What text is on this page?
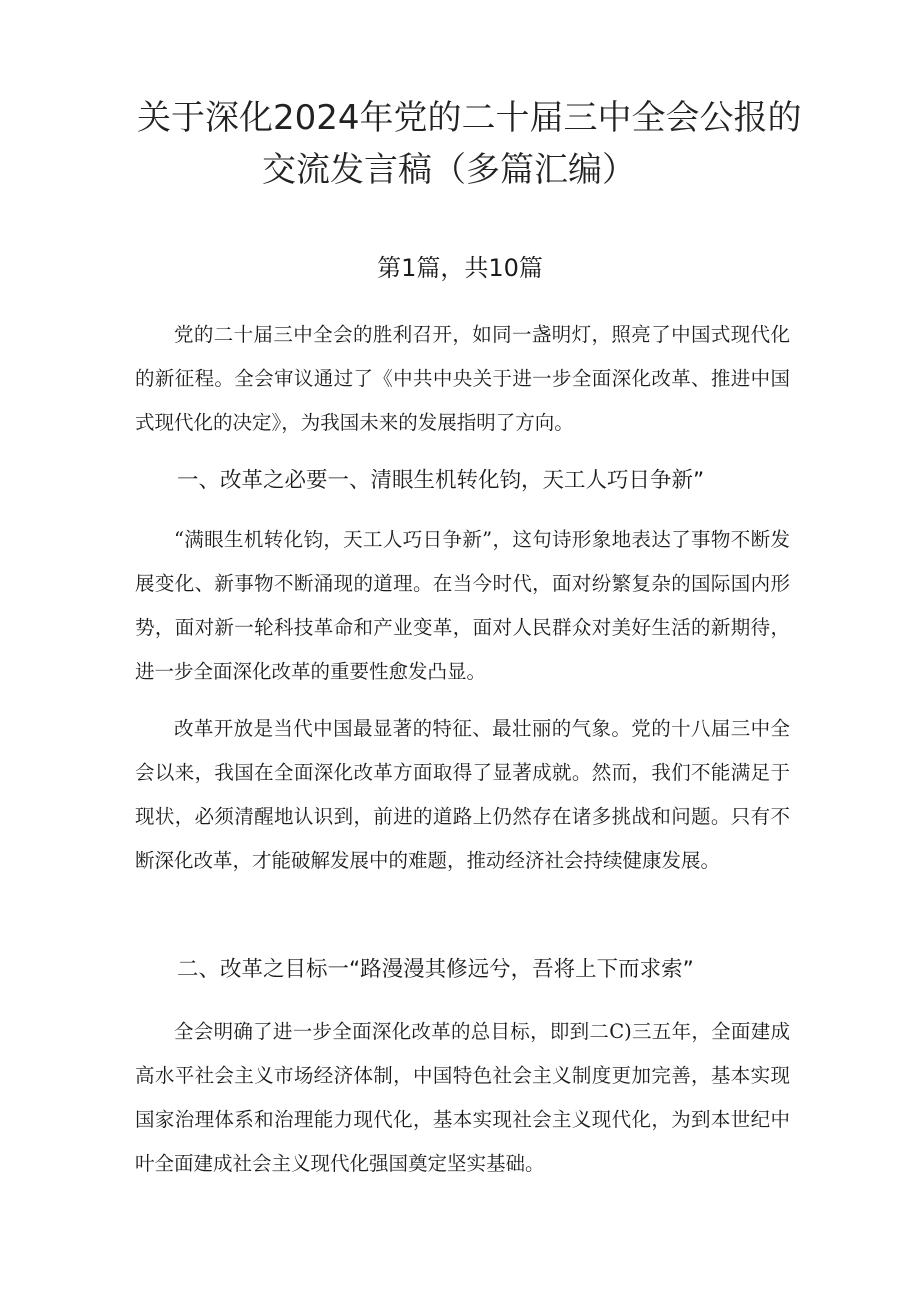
关于深化2024年党的二十届三中全会公报的
交流发言稿（多篇汇编）

第1篇，共10篇

党的二十届三中全会的胜利召开，如同一盏明灯，照亮了中国式现代化的新征程。全会审议通过了《中共中央关于进一步全面深化改革、推进中国式现代化的决定》，为我国未来的发展指明了方向。

一、改革之必要一、清眼生机转化钧，天工人巧日争新”

“满眼生机转化钧，天工人巧日争新”，这句诗形象地表达了事物不断发展变化、新事物不断涌现的道理。在当今时代，面对纷繁复杂的国际国内形势，面对新一轮科技革命和产业变革，面对人民群众对美好生活的新期待，进一步全面深化改革的重要性愈发凸显。

改革开放是当代中国最显著的特征、最壮丽的气象。党的十八届三中全会以来，我国在全面深化改革方面取得了显著成就。然而，我们不能满足于现状，必须清醒地认识到，前进的道路上仍然存在诸多挑战和问题。只有不断深化改革，才能破解发展中的难题，推动经济社会持续健康发展。

二、改革之目标一“路漫漫其修远兮，吾将上下而求索”

全会明确了进一步全面深化改革的总目标，即到二C)三五年，全面建成高水平社会主义市场经济体制，中国特色社会主义制度更加完善，基本实现国家治理体系和治理能力现代化，基本实现社会主义现代化，为到本世纪中叶全面建成社会主义现代化强国奠定坚实基础。
